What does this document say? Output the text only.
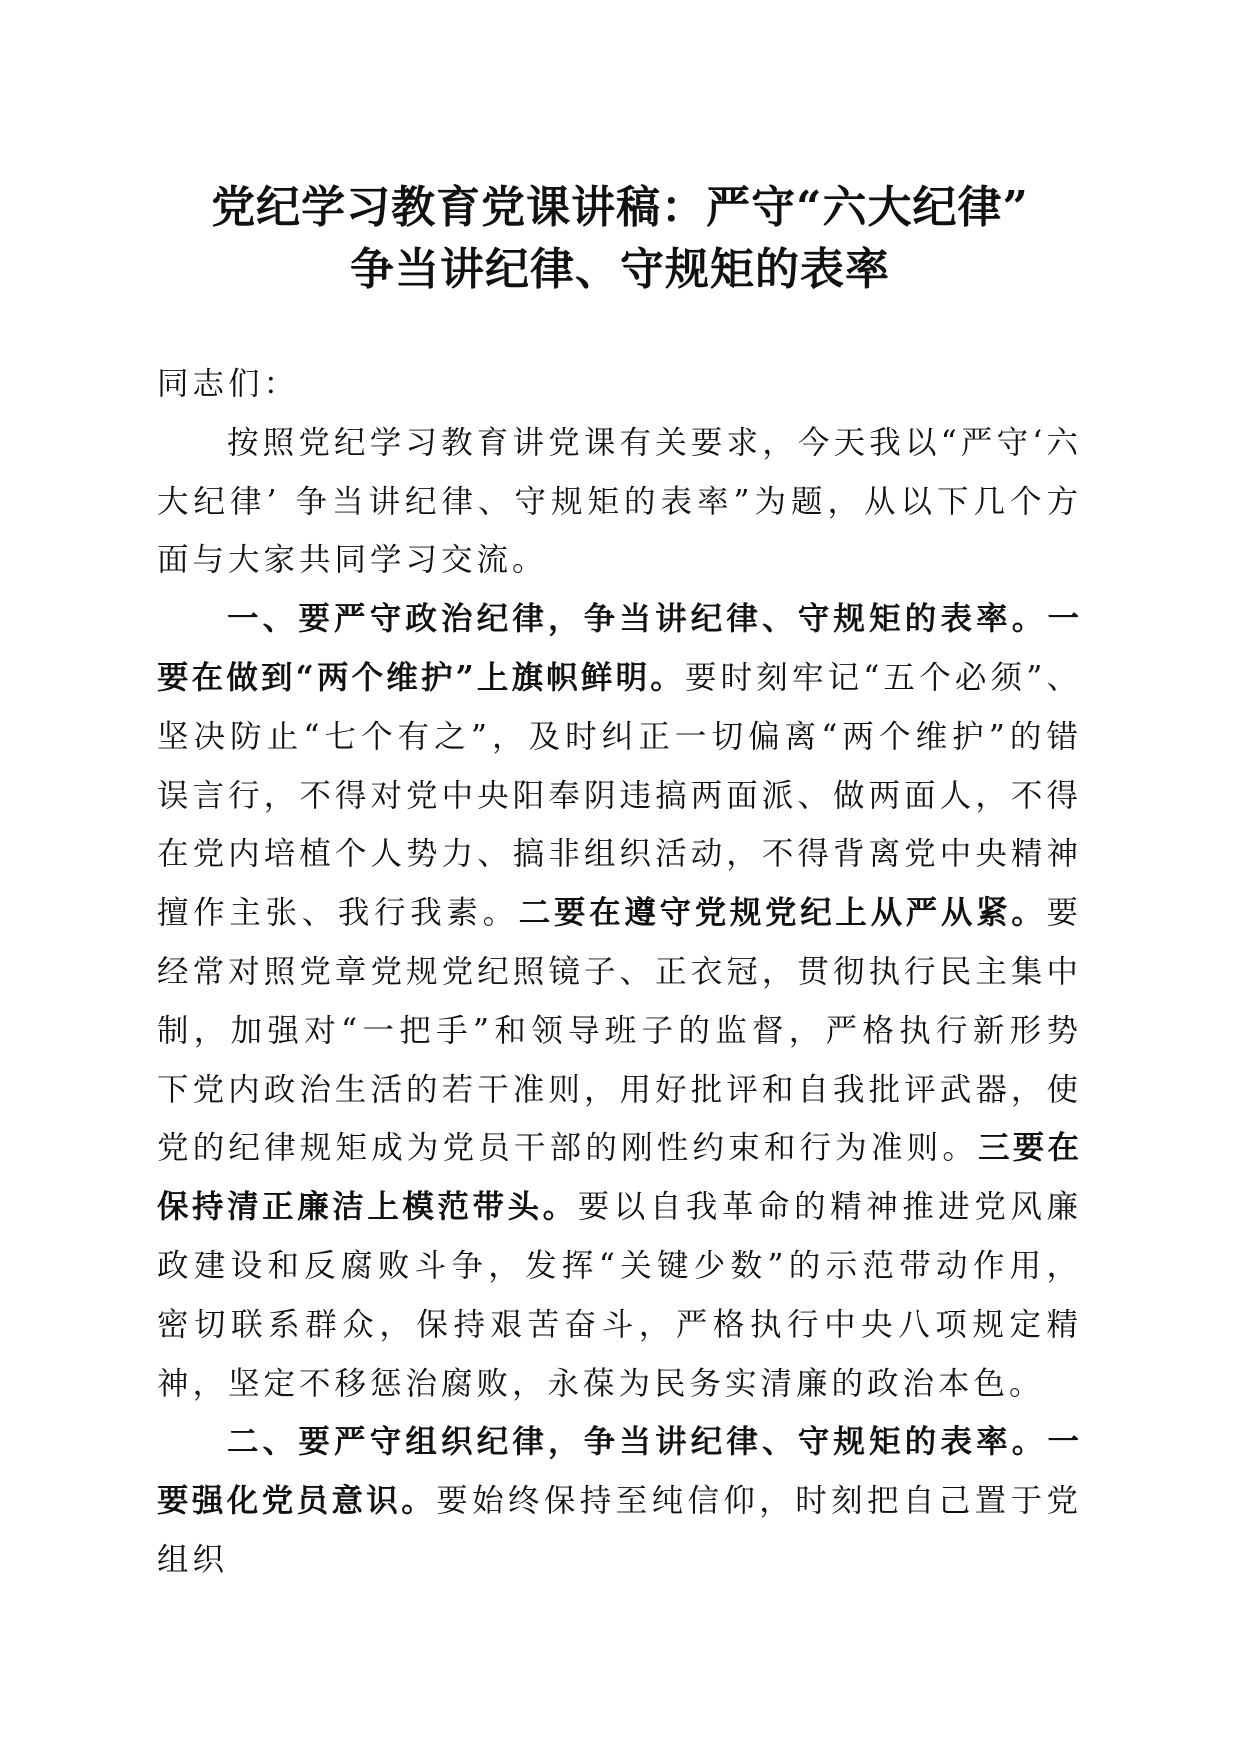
党纪学习教育党课讲稿：严守“六大纪律”
争当讲纪律、守规矩的表率

同志们：

按照党纪学习教育讲党课有关要求，今天我以“严守‘六大纪律’ 争当讲纪律、守规矩的表率”为题，从以下几个方面与大家共同学习交流。

一、要严守政治纪律，争当讲纪律、守规矩的表率。一要在做到“两个维护”上旗帜鲜明。要时刻牢记“五个必须”、坚决防止“七个有之”，及时纠正一切偏离“两个维护”的错误言行，不得对党中央阳奉阴违搞两面派、做两面人，不得在党内培植个人势力、搞非组织活动，不得背离党中央精神擅作主张、我行我素。二要在遵守党规党纪上从严从紧。要经常对照党章党规党纪照镜子、正衣冠，贯彻执行民主集中制，加强对“一把手”和领导班子的监督，严格执行新形势下党内政治生活的若干准则，用好批评和自我批评武器，使党的纪律规矩成为党员干部的刚性约束和行为准则。三要在保持清正廉洁上模范带头。要以自我革命的精神推进党风廉政建设和反腐败斗争，发挥“关键少数”的示范带动作用，密切联系群众，保持艰苦奋斗，严格执行中央八项规定精神，坚定不移惩治腐败，永葆为民务实清廉的政治本色。

二、要严守组织纪律，争当讲纪律、守规矩的表率。一要强化党员意识。要始终保持至纯信仰，时刻把自己置于党组织
